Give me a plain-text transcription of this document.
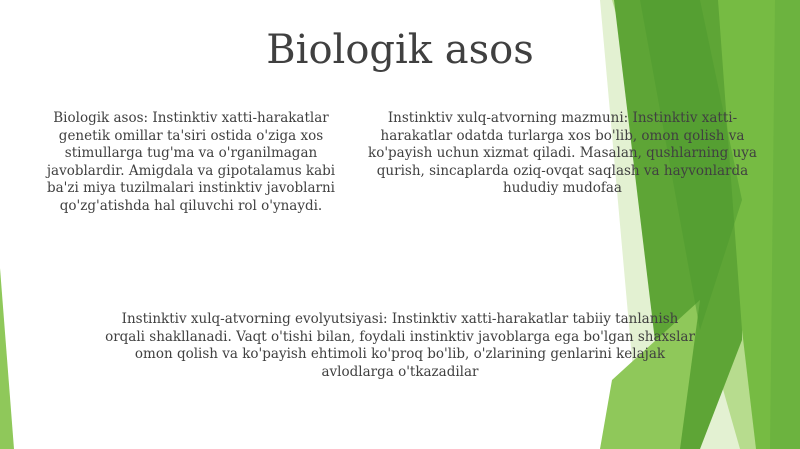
Biologik asos

Biologik asos: Instinktiv xatti-harakatlar genetik omillar ta'siri ostida o'ziga xos stimullarga tug'ma va o'rganilmagan javoblardir. Amigdala va gipotalamus kabi ba'zi miya tuzilmalari instinktiv javoblarni qo'zg'atishda hal qiluvchi rol o'ynaydi.

Instinktiv xulq-atvorning mazmuni: Instinktiv xatti-harakatlar odatda turlarga xos bo'lib, omon qolish va ko'payish uchun xizmat qiladi. Masalan, qushlarning uya qurish, sincaplarda oziq-ovqat saqlash va hayvonlarda hududiy mudofaa

Instinktiv xulq-atvorning evolyutsiyasi: Instinktiv xatti-harakatlar tabiiy tanlanish orqali shakllanadi. Vaqt o'tishi bilan, foydali instinktiv javoblarga ega bo'lgan shaxslar omon qolish va ko'payish ehtimoli ko'proq bo'lib, o'zlarining genlarini kelajak avlodlarga o'tkazadilar
